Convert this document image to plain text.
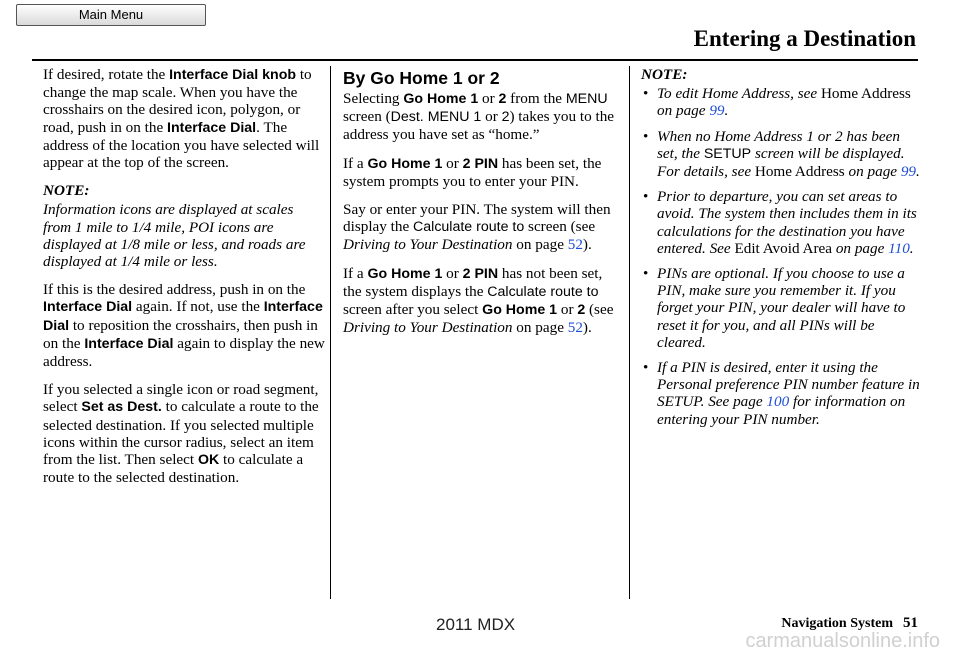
Main Menu
Entering a Destination

If desired, rotate the Interface Dial knob to change the map scale. When you have the crosshairs on the desired icon, polygon, or road, push in on the Interface Dial. The address of the location you have selected will appear at the top of the screen.

NOTE:

Information icons are displayed at scales from 1 mile to 1/4 mile, POI icons are displayed at 1/8 mile or less, and roads are displayed at 1/4 mile or less.

If this is the desired address, push in on the Interface Dial again. If not, use the Interface Dial to reposition the crosshairs, then push in on the Interface Dial again to display the new address.

If you selected a single icon or road segment, select Set as Dest. to calculate a route to the selected destination. If you selected multiple icons within the cursor radius, select an item from the list. Then select OK to calculate a route to the selected destination.

By Go Home 1 or 2

Selecting Go Home 1 or 2 from the MENU screen (Dest. MENU 1 or 2) takes you to the address you have set as “home.”

If a Go Home 1 or 2 PIN has been set, the system prompts you to enter your PIN.

Say or enter your PIN. The system will then display the Calculate route to screen (see Driving to Your Destination on page 52).

If a Go Home 1 or 2 PIN has not been set, the system displays the Calculate route to screen after you select Go Home 1 or 2 (see Driving to Your Destination on page 52).

NOTE:

• To edit Home Address, see Home Address on page 99.
• When no Home Address 1 or 2 has been set, the SETUP screen will be displayed. For details, see Home Address on page 99.
• Prior to departure, you can set areas to avoid. The system then includes them in its calculations for the destination you have entered. See Edit Avoid Area on page 110.
• PINs are optional. If you choose to use a PIN, make sure you remember it. If you forget your PIN, your dealer will have to reset it for you, and all PINs will be cleared.
• If a PIN is desired, enter it using the Personal preference PIN number feature in SETUP. See page 100 for information on entering your PIN number.
2011 MDX	Navigation System 51
carmanualsonline.info
